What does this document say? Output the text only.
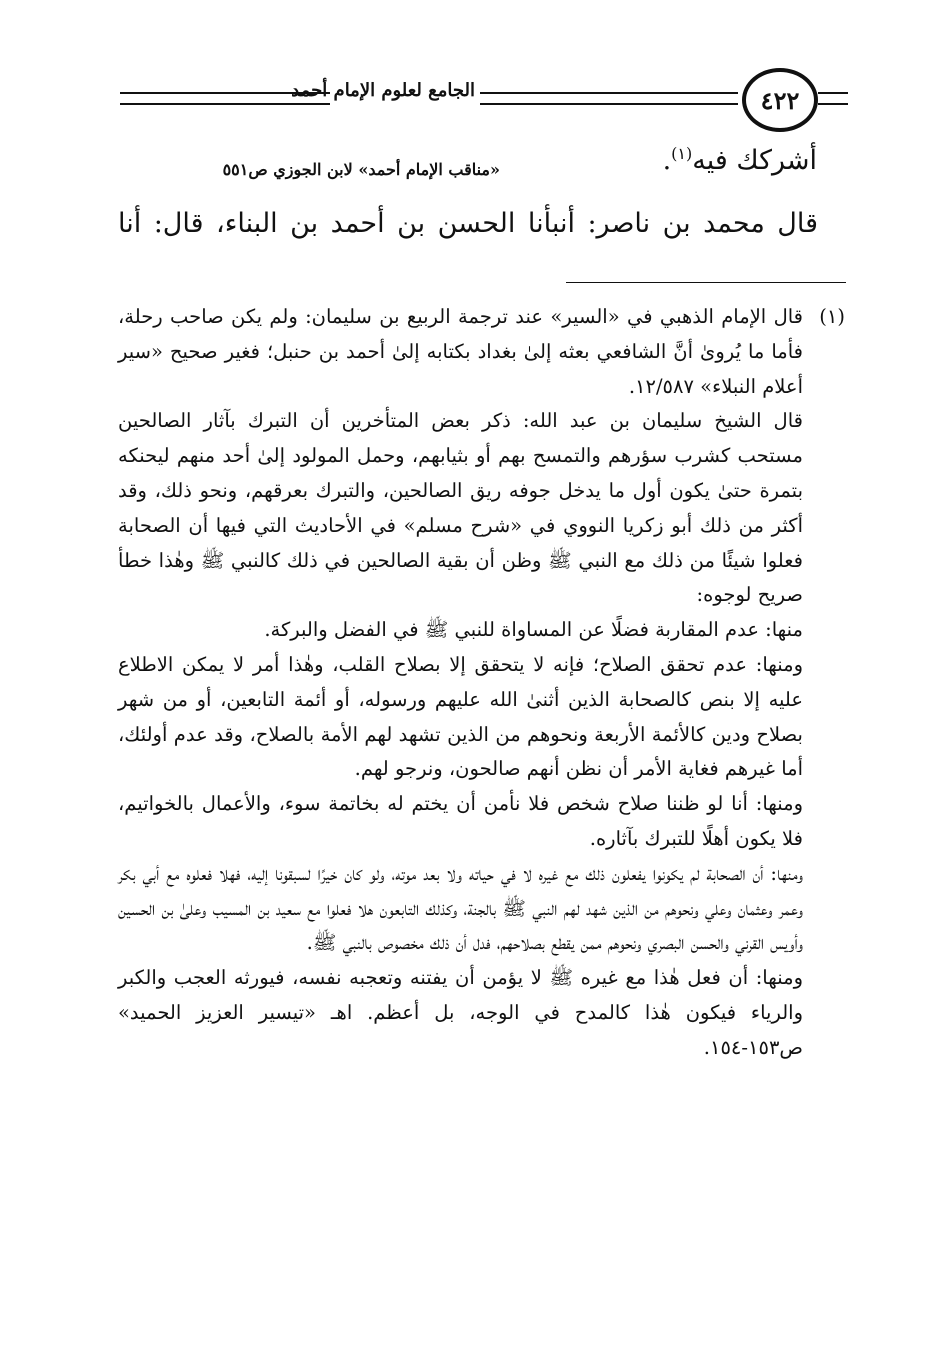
الجامع لعلوم الإمام أحمد	٤٢٢
«مناقب الإمام أحمد» لابن الجوزي ص٥٥١	أشركك فيه$^{(١)}$.
قال محمد بن ناصر: أنبأنا الحسن بن أحمد بن البناء، قال: أنا
(١)

قال الإمام الذهبي في «السير» عند ترجمة الربيع بن سليمان: ولم يكن صاحب رحلة، فأما ما يُروىٰ أنَّ الشافعي بعثه إلىٰ بغداد بكتابه إلىٰ أحمد بن حنبل؛ فغير صحيح «سير أعلام النبلاء» ١٢/٥٨٧.

قال الشيخ سليمان بن عبد الله: ذكر بعض المتأخرين أن التبرك بآثار الصالحين مستحب كشرب سؤرهم والتمسح بهم أو بثيابهم، وحمل المولود إلىٰ أحد منهم ليحنكه بتمرة حتىٰ يكون أول ما يدخل جوفه ريق الصالحين، والتبرك بعرقهم، ونحو ذلك، وقد أكثر من ذلك أبو زكريا النووي في «شرح مسلم» في الأحاديث التي فيها أن الصحابة فعلوا شيئًا من ذلك مع النبي ﷺ وظن أن بقية الصالحين في ذلك كالنبي ﷺ وهٰذا خطأ صريح لوجوه:

منها: عدم المقاربة فضلًا عن المساواة للنبي ﷺ في الفضل والبركة.

ومنها: عدم تحقق الصلاح؛ فإنه لا يتحقق إلا بصلاح القلب، وهٰذا أمر لا يمكن الاطلاع عليه إلا بنص كالصحابة الذين أثنىٰ الله عليهم ورسوله، أو أئمة التابعين، أو من شهر بصلاح ودين كالأئمة الأربعة ونحوهم من الذين تشهد لهم الأمة بالصلاح، وقد عدم أولئك، أما غيرهم فغاية الأمر أن نظن أنهم صالحون، ونرجو لهم.

ومنها: أنا لو ظننا صلاح شخص فلا نأمن أن يختم له بخاتمة سوء، والأعمال بالخواتيم، فلا يكون أهلًا للتبرك بآثاره.

ومنها: أن الصحابة لم يكونوا يفعلون ذلك مع غيره لا في حياته ولا بعد موته، ولو كان خيرًا لسبقونا إليه، فهلا فعلوه مع أبي بكر وعمر وعثمان وعلي ونحوهم من الذين شهد لهم النبي ﷺ بالجنة، وكذلك التابعون هلا فعلوا مع سعيد بن المسيب وعلىٰ بن الحسين وأويس القرني والحسن البصري ونحوهم ممن يقطع بصلاحهم، فدل أن ذلك مخصوص بالنبي ﷺ.

ومنها: أن فعل هٰذا مع غيره ﷺ لا يؤمن أن يفتنه وتعجبه نفسه، فيورثه العجب والكبر والرياء فيكون هٰذا كالمدح في الوجه، بل أعظم. اهـ «تيسير العزيز الحميد» ص١٥٣-١٥٤.
